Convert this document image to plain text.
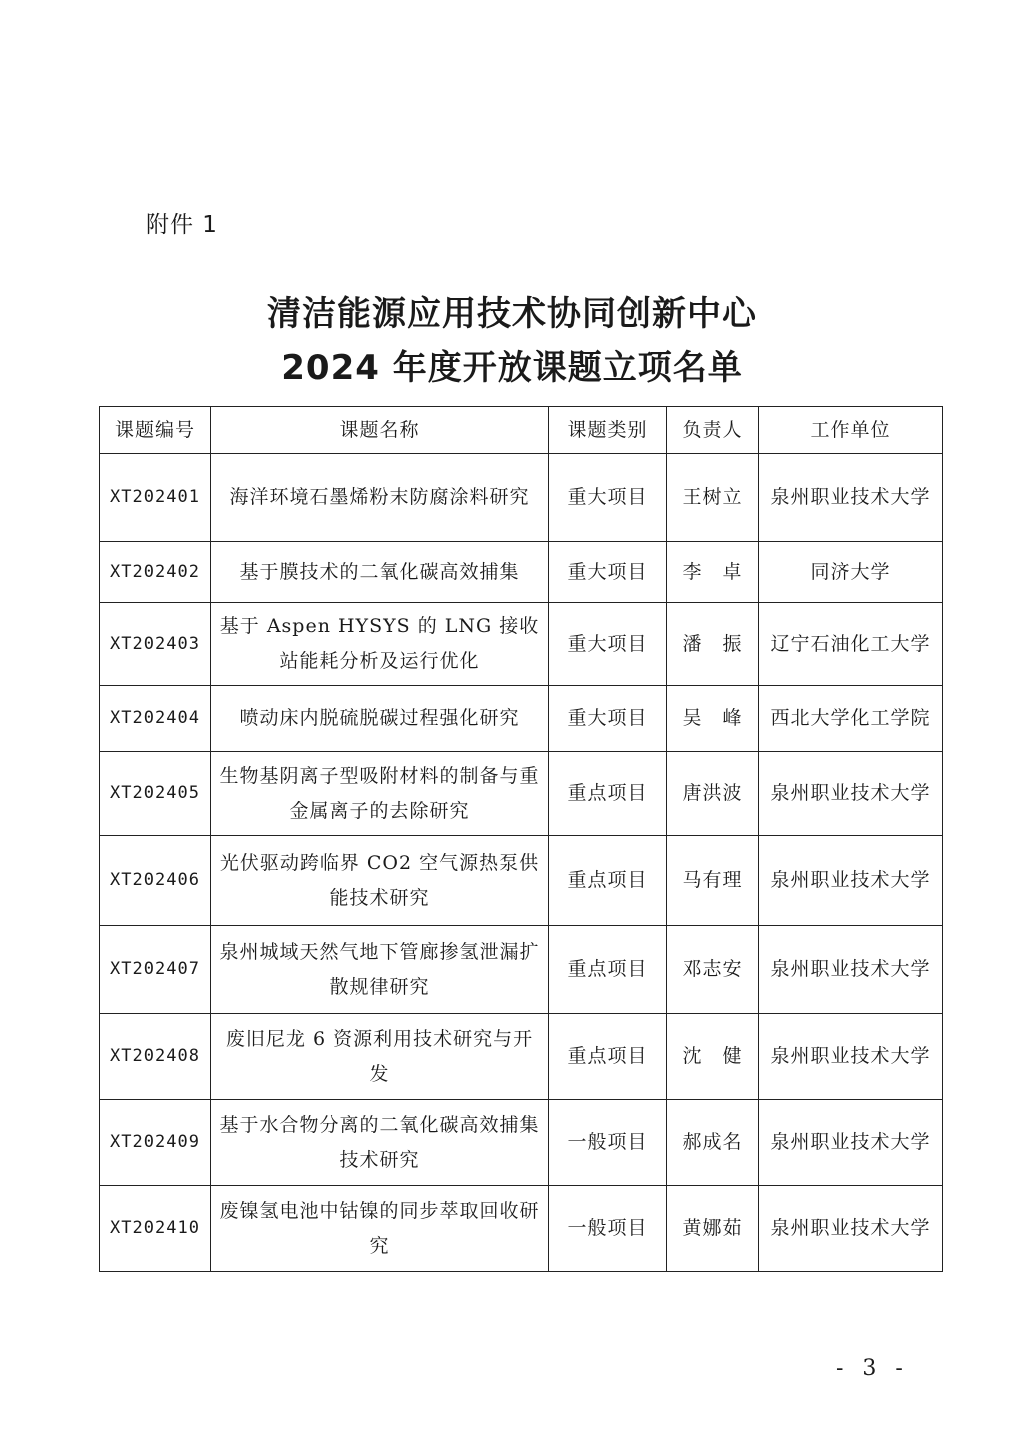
附件 1
清洁能源应用技术协同创新中心
2024 年度开放课题立项名单
课题编号	课题名称	课题类别	负责人	工作单位
XT202401	海洋环境石墨烯粉末防腐涂料研究	重大项目	王树立	泉州职业技术大学
XT202402	基于膜技术的二氧化碳高效捕集	重大项目	李　卓	同济大学
XT202403	基于 Aspen HYSYS 的 LNG 接收站能耗分析及运行优化	重大项目	潘　振	辽宁石油化工大学
XT202404	喷动床内脱硫脱碳过程强化研究	重大项目	吴　峰	西北大学化工学院
XT202405	生物基阴离子型吸附材料的制备与重金属离子的去除研究	重点项目	唐洪波	泉州职业技术大学
XT202406	光伏驱动跨临界 CO2 空气源热泵供能技术研究	重点项目	马有理	泉州职业技术大学
XT202407	泉州城域天然气地下管廊掺氢泄漏扩散规律研究	重点项目	邓志安	泉州职业技术大学
XT202408	废旧尼龙 6 资源利用技术研究与开发	重点项目	沈　健	泉州职业技术大学
XT202409	基于水合物分离的二氧化碳高效捕集技术研究	一般项目	郝成名	泉州职业技术大学
XT202410	废镍氢电池中钴镍的同步萃取回收研究	一般项目	黄娜茹	泉州职业技术大学
- 3 -
